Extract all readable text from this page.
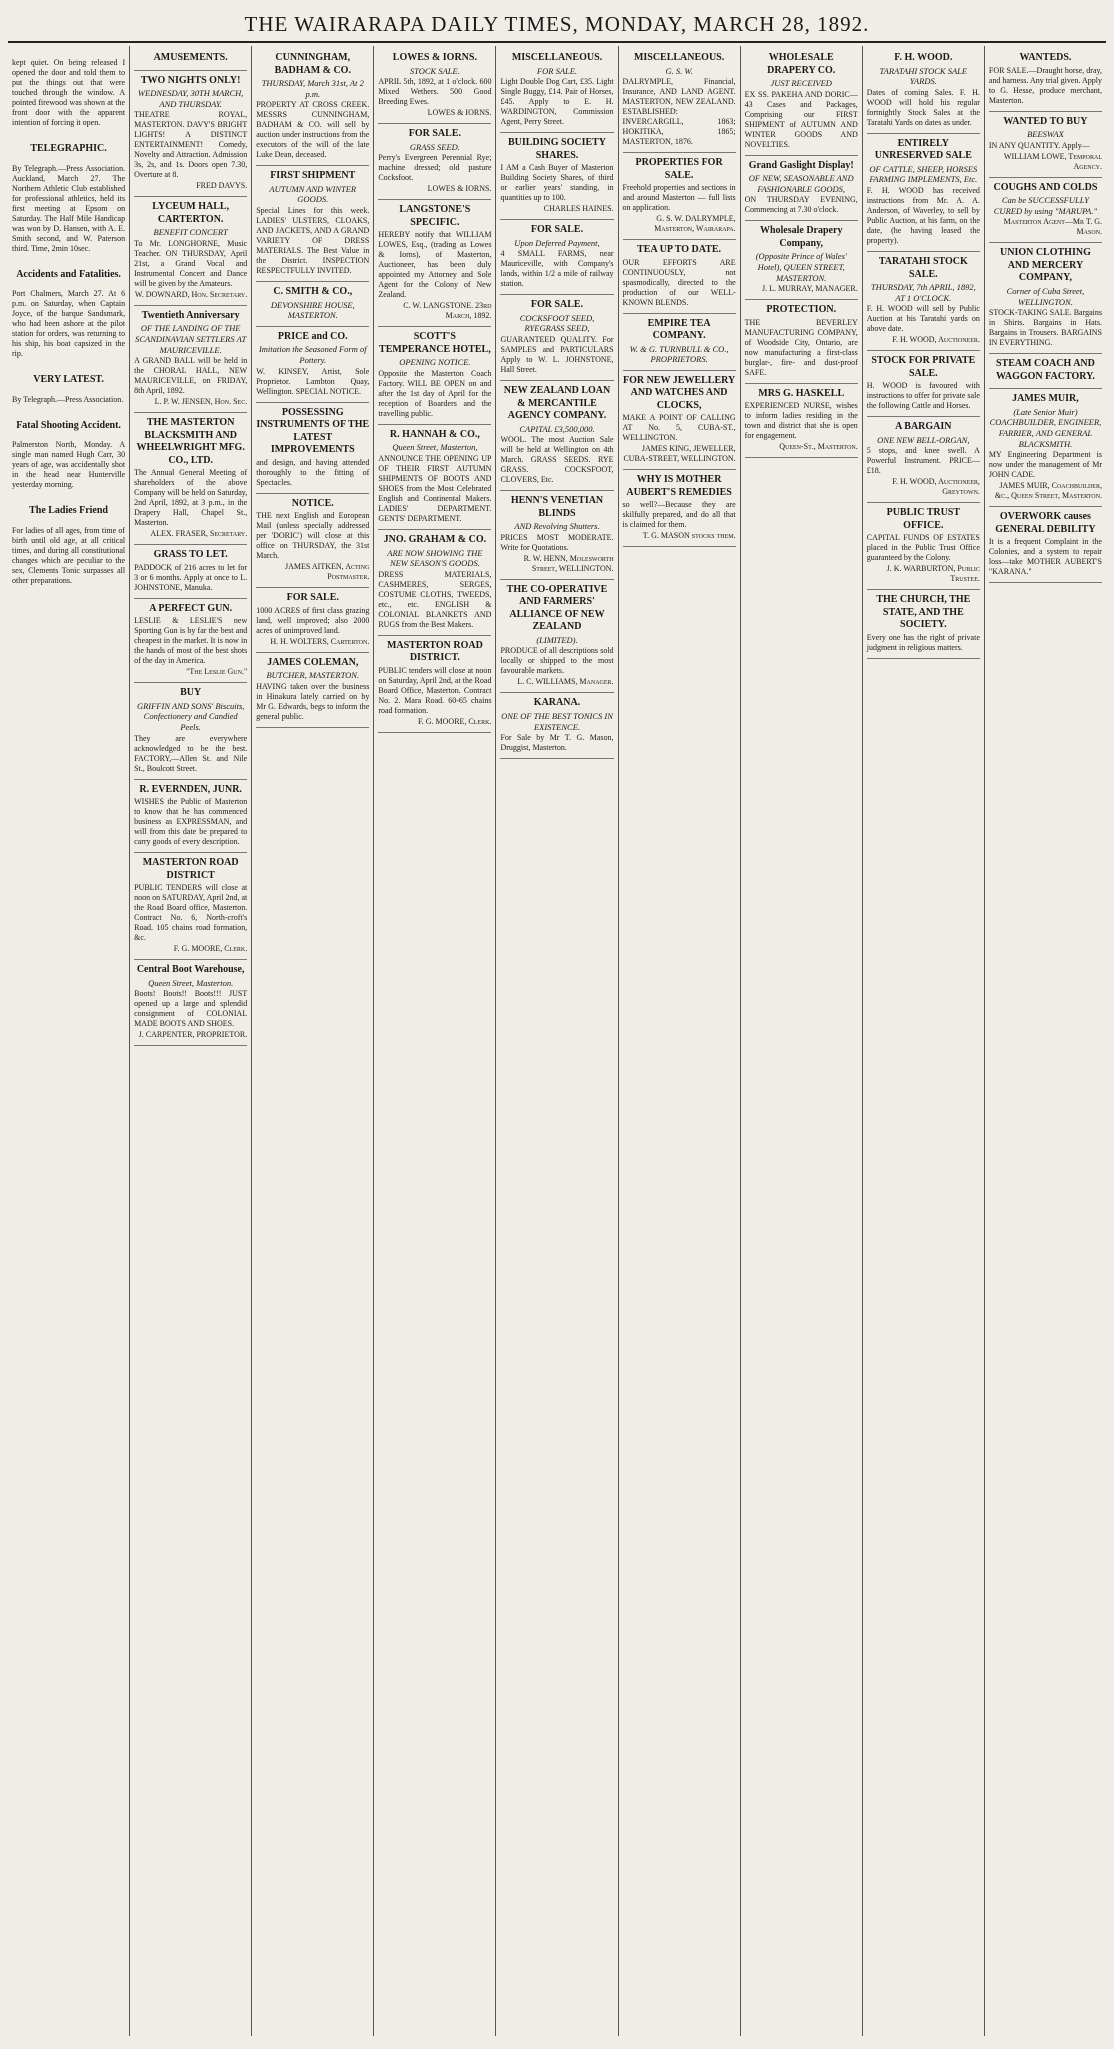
THE WAIRARAPA DAILY TIMES, MONDAY, MARCH 28, 1892.

kept quiet. On being released I opened the door and told them to put the things out that were touched through the window. A pointed firewood was shown at the front door with the apparent intention of forcing it open.

TELEGRAPHIC.

By Telegraph.—Press Association. Auckland, March 27. The Northern Athletic Club established for professional athletics, held its first meeting at Epsom on Saturday. The Half Mile Handicap was won by D. Hansen, with A. E. Smith second, and W. Paterson third. Time, 2min 10sec.

Accidents and Fatalities.

Port Chalmers, March 27. At 6 p.m. on Saturday, when Captain Joyce, of the barque Sandsmark, who had been ashore at the pilot station for orders, was returning to his ship, his boat capsized in the rip.

VERY LATEST.

By Telegraph.—Press Association.

Fatal Shooting Accident.

Palmerston North, Monday. A single man named Hugh Carr, 30 years of age, was accidentally shot in the head near Hunterville yesterday morning.

The Ladies Friend

For ladies of all ages, from time of birth until old age, at all critical times, and during all constitutional changes which are peculiar to the sex, Clements Tonic surpasses all other preparations.

AMUSEMENTS.
TWO NIGHTS ONLY!
WEDNESDAY, 30TH MARCH, AND THURSDAY.

THEATRE ROYAL, MASTERTON. DAVY'S BRIGHT LIGHTS! A DISTINCT ENTERTAINMENT! Comedy, Novelty and Attraction. Admission 3s, 2s, and 1s. Doors open 7.30, Overture at 8.

FRED DAVYS.

LYCEUM HALL, CARTERTON.
BENEFIT CONCERT

To Mr. LONGHORNE, Music Teacher. ON THURSDAY, April 21st, a Grand Vocal and Instrumental Concert and Dance will be given by the Amateurs.

W. DOWNARD, Hon. Secretary.

Twentieth Anniversary
OF THE LANDING OF THE SCANDINAVIAN SETTLERS AT MAURICEVILLE.

A GRAND BALL will be held in the CHORAL HALL, NEW MAURICEVILLE, on FRIDAY, 8th April, 1892.

L. P. W. JENSEN, Hon. Sec.

THE MASTERTON BLACKSMITH AND WHEELWRIGHT MFG. CO., LTD.

The Annual General Meeting of shareholders of the above Company will be held on Saturday, 2nd April, 1892, at 3 p.m., in the Drapery Hall, Chapel St., Masterton.

ALEX. FRASER, Secretary.

GRASS TO LET.

PADDOCK of 216 acres to let for 3 or 6 months. Apply at once to L. JOHNSTONE, Manuka.

A PERFECT GUN.

LESLIE & LESLIE'S new Sporting Gun is by far the best and cheapest in the market. It is now in the hands of most of the best shots of the day in America.

"The Leslie Gun."

BUY
GRIFFIN AND SONS' Biscuits, Confectionery and Candied Peels.

They are everywhere acknowledged to be the best. FACTORY,—Allen St. and Nile St., Boulcott Street.

R. EVERNDEN, JUNR.

WISHES the Public of Masterton to know that he has commenced business as EXPRESSMAN, and will from this date be prepared to carry goods of every description.

MASTERTON ROAD DISTRICT

PUBLIC TENDERS will close at noon on SATURDAY, April 2nd, at the Road Board office, Masterton. Contract No. 6, North-croft's Road. 105 chains road formation, &c.

F. G. MOORE, Clerk.

Central Boot Warehouse,
Queen Street, Masterton.

Boots! Boots!! Boots!!! JUST opened up a large and splendid consignment of COLONIAL MADE BOOTS AND SHOES.

J. CARPENTER, PROPRIETOR.

CUNNINGHAM, BADHAM & CO.
THURSDAY, March 31st, At 2 p.m.

PROPERTY AT CROSS CREEK. MESSRS CUNNINGHAM, BADHAM & CO. will sell by auction under instructions from the executors of the will of the late Luke Dean, deceased.

FIRST SHIPMENT
AUTUMN AND WINTER GOODS.

Special Lines for this week. LADIES' ULSTERS, CLOAKS, AND JACKETS, AND A GRAND VARIETY OF DRESS MATERIALS. The Best Value in the District. INSPECTION RESPECTFULLY INVITED.

C. SMITH & CO.,
DEVONSHIRE HOUSE, MASTERTON.
PRICE and CO.
Imitation the Seasoned Form of Pottery.

W. KINSEY, Artist, Sole Proprietor. Lambton Quay, Wellington. SPECIAL NOTICE.

POSSESSING INSTRUMENTS OF THE LATEST IMPROVEMENTS

and design, and having attended thoroughly to the fitting of Spectacles.

NOTICE.

THE next English and European Mail (unless specially addressed per 'DORIC') will close at this office on THURSDAY, the 31st March.

JAMES AITKEN, Acting Postmaster.

FOR SALE.

1000 ACRES of first class grazing land, well improved; also 2000 acres of unimproved land.

H. H. WOLTERS, Carterton.

JAMES COLEMAN,
BUTCHER, MASTERTON.

HAVING taken over the business in Hinakura lately carried on by Mr G. Edwards, begs to inform the general public.

LOWES & IORNS.
STOCK SALE.

APRIL 5th, 1892, at 1 o'clock. 600 Mixed Wethers. 500 Good Breeding Ewes.

LOWES & IORNS.

FOR SALE.
GRASS SEED.

Perry's Evergreen Perennial Rye; machine dressed; old pasture Cocksfoot.

LOWES & IORNS.

LANGSTONE'S SPECIFIC.

HEREBY notify that WILLIAM LOWES, Esq., (trading as Lowes & Iorns), of Masterton, Auctioneer, has been duly appointed my Attorney and Sole Agent for the Colony of New Zealand.

C. W. LANGSTONE. 23rd March, 1892.

SCOTT'S TEMPERANCE HOTEL,
OPENING NOTICE.

Opposite the Masterton Coach Factory. WILL BE OPEN on and after the 1st day of April for the reception of Boarders and the travelling public.

R. HANNAH & CO.,
Queen Street, Masterton,

ANNOUNCE THE OPENING UP OF THEIR FIRST AUTUMN SHIPMENTS OF BOOTS AND SHOES from the Most Celebrated English and Continental Makers. LADIES' DEPARTMENT. GENTS' DEPARTMENT.

JNO. GRAHAM & CO.
ARE NOW SHOWING THE NEW SEASON'S GOODS.

DRESS MATERIALS, CASHMERES, SERGES, COSTUME CLOTHS, TWEEDS, etc., etc. ENGLISH & COLONIAL BLANKETS AND RUGS from the Best Makers.

MASTERTON ROAD DISTRICT.

PUBLIC tenders will close at noon on Saturday, April 2nd, at the Road Board Office, Masterton. Contract No. 2. Mara Road. 60-65 chains road formation.

F. G. MOORE, Clerk.

MISCELLANEOUS.
FOR SALE.

Light Double Dog Cart, £35. Light Single Buggy, £14. Pair of Horses, £45. Apply to E. H. WARDINGTON, Commission Agent, Perry Street.

BUILDING SOCIETY SHARES.

I AM a Cash Buyer of Masterton Building Society Shares, of third or earlier years' standing, in quantities up to 100.

CHARLES HAINES.

FOR SALE.
Upon Deferred Payment,

4 SMALL FARMS, near Mauriceville, with Company's lands, within 1/2 a mile of railway station.

FOR SALE.
COCKSFOOT SEED, RYEGRASS SEED,

GUARANTEED QUALITY. For SAMPLES and PARTICULARS Apply to W. L. JOHNSTONE, Hall Street.

NEW ZEALAND LOAN & MERCANTILE AGENCY COMPANY.
CAPITAL £3,500,000.

WOOL. The most Auction Sale will be held at Wellington on 4th March. GRASS SEEDS. RYE GRASS. COCKSFOOT, CLOVERS, Etc.

HENN'S VENETIAN BLINDS
AND Revolving Shutters.

PRICES MOST MODERATE. Write for Quotations.

R. W. HENN, Molesworth Street, WELLINGTON.

THE CO-OPERATIVE AND FARMERS' ALLIANCE OF NEW ZEALAND
(LIMITED).

PRODUCE of all descriptions sold locally or shipped to the most favourable markets.

L. C. WILLIAMS, Manager.

KARANA.
ONE OF THE BEST TONICS IN EXISTENCE.

For Sale by Mr T. G. Mason, Druggist, Masterton.

MISCELLANEOUS.
G. S. W.

DALRYMPLE, Financial, Insurance, AND LAND AGENT. MASTERTON, NEW ZEALAND. ESTABLISHED: INVERCARGILL, 1863; HOKITIKA, 1865; MASTERTON, 1876.

PROPERTIES FOR SALE.

Freehold properties and sections in and around Masterton — full lists on application.

G. S. W. DALRYMPLE, Masterton, Wairarapa.

TEA UP TO DATE.

OUR EFFORTS ARE CONTINUOUSLY, not spasmodically, directed to the production of our WELL-KNOWN BLENDS.

EMPIRE TEA COMPANY.
W. & G. TURNBULL & CO., PROPRIETORS.
FOR NEW JEWELLERY AND WATCHES AND CLOCKS,

MAKE A POINT OF CALLING AT No. 5, CUBA-ST., WELLINGTON.

JAMES KING, JEWELLER, CUBA-STREET, WELLINGTON.

WHY IS MOTHER AUBERT'S REMEDIES

so well?—Because they are skilfully prepared, and do all that is claimed for them.

T. G. MASON stocks them.

WHOLESALE DRAPERY CO.
JUST RECEIVED

EX SS. PAKEHA AND DORIC— 43 Cases and Packages, Comprising our FIRST SHIPMENT of AUTUMN AND WINTER GOODS AND NOVELTIES.

Grand Gaslight Display!
OF NEW, SEASONABLE AND FASHIONABLE GOODS,

ON THURSDAY EVENING, Commencing at 7.30 o'clock.

Wholesale Drapery Company,
(Opposite Prince of Wales' Hotel), QUEEN STREET, MASTERTON.

J. L. MURRAY, MANAGER.

PROTECTION.

THE BEVERLEY MANUFACTURING COMPANY, of Woodside City, Ontario, are now manufacturing a first-class burglar-, fire- and dust-proof SAFE.

MRS G. HASKELL

EXPERIENCED NURSE, wishes to inform ladies residing in the town and district that she is open for engagement.

Queen-St., Masterton.

F. H. WOOD.
TARATAHI STOCK SALE YARDS.

Dates of coming Sales. F. H. WOOD will hold his regular fortnightly Stock Sales at the Taratahi Yards on dates as under.

ENTIRELY UNRESERVED SALE
OF CATTLE, SHEEP, HORSES FARMING IMPLEMENTS, Etc.

F. H. WOOD has received instructions from Mr. A. A. Anderson, of Waverley, to sell by Public Auction, at his farm, on the date, (he having leased the property).

TARATAHI STOCK SALE.
THURSDAY, 7th APRIL, 1892, AT 1 O'CLOCK.

F. H. WOOD will sell by Public Auction at his Taratahi yards on above date.

F. H. WOOD, Auctioneer.

STOCK FOR PRIVATE SALE.

H. WOOD is favoured with instructions to offer for private sale the following Cattle and Horses.

A BARGAIN
ONE NEW BELL-ORGAN,

5 stops, and knee swell. A Powerful Instrument. PRICE—£18.

F. H. WOOD, Auctioneer, Greytown.

PUBLIC TRUST OFFICE.

CAPITAL FUNDS OF ESTATES placed in the Public Trust Office guaranteed by the Colony.

J. K. WARBURTON, Public Trustee.

THE CHURCH, THE STATE, AND THE SOCIETY.

Every one has the right of private judgment in religious matters.

WANTEDS.

FOR SALE.—Draught horse, dray, and harness. Any trial given. Apply to G. Hesse, produce merchant, Masterton.

WANTED TO BUY
BEESWAX

IN ANY QUANTITY. Apply—

WILLIAM LOWE, Temporal Agency.

COUGHS AND COLDS
Can be SUCCESSFULLY CURED by using "MARUPA."

Masterton Agent—Mr T. G. Mason.

UNION CLOTHING AND MERCERY COMPANY,
Corner of Cuba Street, WELLINGTON.

STOCK-TAKING SALE. Bargains in Shirts. Bargains in Hats. Bargains in Trousers. BARGAINS IN EVERYTHING.

STEAM COACH AND WAGGON FACTORY.
JAMES MUIR,
(Late Senior Muir) COACHBUILDER, ENGINEER, FARRIER, AND GENERAL BLACKSMITH.

MY Engineering Department is now under the management of Mr JOHN CADE.

JAMES MUIR, Coachbuilder, &c., Queen Street, Masterton.

OVERWORK causes GENERAL DEBILITY

It is a frequent Complaint in the Colonies, and a system to repair loss—take MOTHER AUBERT'S "KARANA."
